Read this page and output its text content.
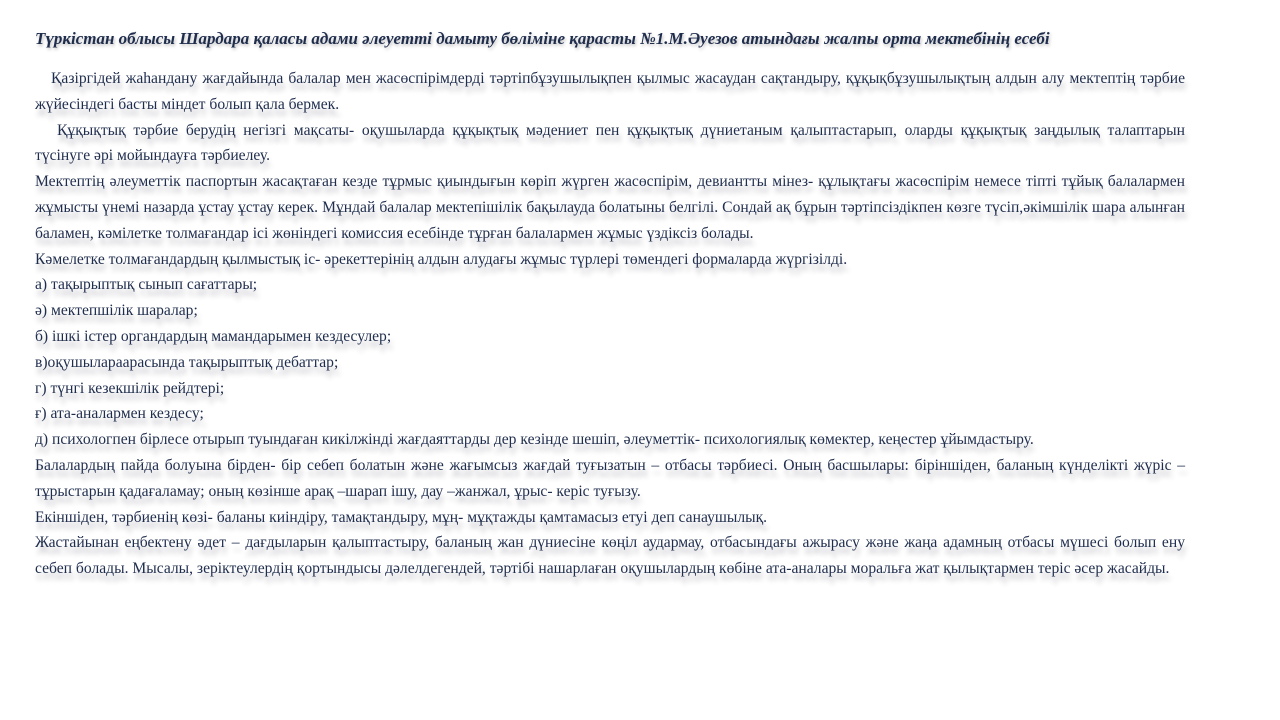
Түркістан облысы Шардара қаласы адами әлеуетті дамыту бөліміне қарасты №1.М.Әуезов атындағы жалпы орта мектебінің есебі

Қазіргідей жаһандану жағдайында балалар мен жасөспірімдерді тәртіпбұзушылықпен қылмыс жасаудан сақтандыру, құқықбұзушылықтың алдын алу мектептің тәрбие жүйесіндегі басты міндет болып қала бермек.

Құқықтық тәрбие берудің негізгі мақсаты- оқушыларда құқықтық мәдениет пен құқықтық дүниетаным қалыптастарып, оларды құқықтық заңдылық талаптарын түсінуге әрі мойындауға тәрбиелеу.

Мектептің әлеуметтік паспортын жасақтаған кезде тұрмыс қиындығын көріп жүрген жасөспірім, девиантты мінез- құлықтағы жасөспірім немесе тіпті тұйық балалармен жұмысты үнемі назарда ұстау ұстау керек. Мұндай балалар мектепішілік бақылауда болатыны белгілі. Сондай ақ бұрын тәртіпсіздікпен көзге түсіп,әкімшілік шара алынған баламен, кәмілетке толмағандар ісі жөніндегі комиссия есебінде тұрған балалармен жұмыс үздіксіз болады.

Кәмелетке толмағандардың қылмыстық іс- әрекеттерінің алдын алудағы жұмыс түрлері төмендегі формаларда жүргізілді.

а) тақырыптық сынып сағаттары;

ә) мектепшілік шаралар;

б) ішкі істер органдардың мамандарымен кездесулер;

в)оқушылараарасында тақырыптық дебаттар;

г) түнгі кезекшілік рейдтері;

ғ) ата-аналармен кездесу;

д) психологпен бірлесе отырып туындаған кикілжінді жағдаяттарды дер кезінде шешіп, әлеуметтік- психологиялық көмектер, кеңестер ұйымдастыру.

Балалардың пайда болуына бірден- бір себеп болатын және жағымсыз жағдай туғызатын – отбасы тәрбиесі. Оның басшылары: біріншіден, баланың күнделікті жүріс – тұрыстарын қадағаламау; оның көзінше арақ –шарап ішу, дау –жанжал, ұрыс- керіс туғызу.

Екіншіден, тәрбиенің көзі- баланы киіндіру, тамақтандыру, мұң- мұқтажды қамтамасыз етуі деп санаушылық.

Жастайынан еңбектену әдет – дағдыларын қалыптастыру, баланың жан дүниесіне көңіл аудармау, отбасындағы ажырасу және жаңа адамның отбасы мүшесі болып ену себеп болады. Мысалы, зеріктеулердің қортындысы дәлелдегендей, тәртібі нашарлаған оқушылардың көбіне ата-аналары моральға жат қылықтармен теріс әсер жасайды.
